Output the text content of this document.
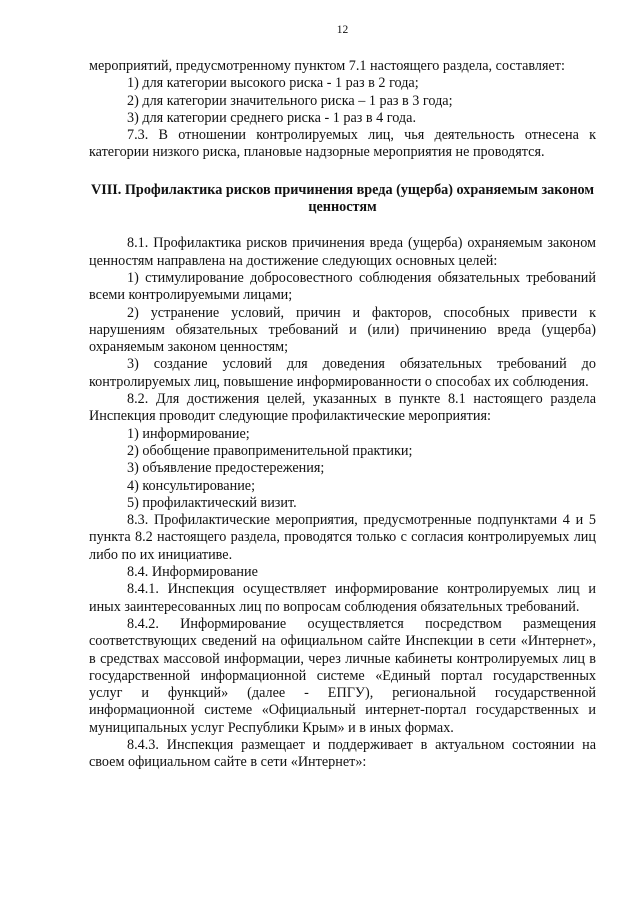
12

мероприятий, предусмотренному пунктом 7.1 настоящего раздела, составляет:

1) для категории высокого риска - 1 раз в 2 года;

2) для категории значительного риска – 1 раз в 3 года;

3) для категории среднего риска - 1 раз в 4 года.

7.3. В отношении контролируемых лиц, чья деятельность отнесена к категории низкого риска, плановые надзорные мероприятия не проводятся.

VIII. Профилактика рисков причинения вреда (ущерба) охраняемым законом ценностям

8.1. Профилактика рисков причинения вреда (ущерба) охраняемым законом ценностям направлена на достижение следующих основных целей:

1) стимулирование добросовестного соблюдения обязательных требований всеми контролируемыми лицами;

2) устранение условий, причин и факторов, способных привести к нарушениям обязательных требований и (или) причинению вреда (ущерба) охраняемым законом ценностям;

3) создание условий для доведения обязательных требований до контролируемых лиц, повышение информированности о способах их соблюдения.

8.2. Для достижения целей, указанных в пункте 8.1 настоящего раздела Инспекция проводит следующие профилактические мероприятия:

1) информирование;

2) обобщение правоприменительной практики;

3) объявление предостережения;

4) консультирование;

5) профилактический визит.

8.3. Профилактические мероприятия, предусмотренные подпунктами 4 и 5 пункта 8.2 настоящего раздела, проводятся только с согласия контролируемых лиц либо по их инициативе.

8.4. Информирование

8.4.1. Инспекция осуществляет информирование контролируемых лиц и иных заинтересованных лиц по вопросам соблюдения обязательных требований.

8.4.2. Информирование осуществляется посредством размещения соответствующих сведений на официальном сайте Инспекции в сети «Интернет», в средствах массовой информации, через личные кабинеты контролируемых лиц в государственной информационной системе «Единый портал государственных услуг и функций» (далее - ЕПГУ), региональной государственной информационной системе «Официальный интернет-портал государственных и муниципальных услуг Республики Крым» и в иных формах.

8.4.3. Инспекция размещает и поддерживает в актуальном состоянии на своем официальном сайте в сети «Интернет»:
